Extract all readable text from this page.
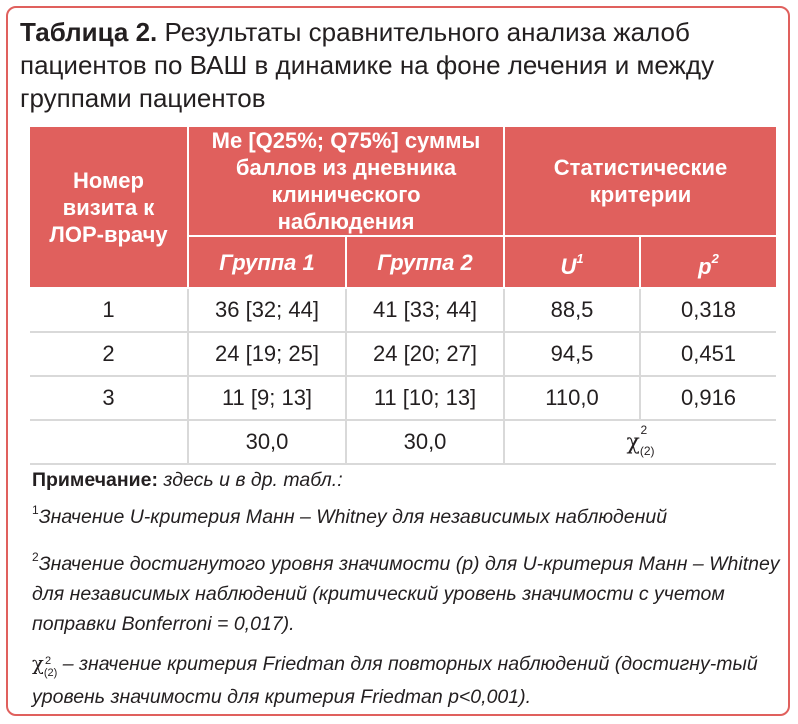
Таблица 2. Результаты сравнительного анализа жалоб пациентов по ВАШ в динамике на фоне лечения и между группами пациентов
Номер визита к ЛОР-врачу	Me [Q25%; Q75%] суммы баллов из дневника клинического наблюдения		Статистические критерии	
	Группа 1	Группа 2	$U^1$	$p^2$
1	36 [32; 44]	41 [33; 44]	88,5	0,318
2	24 [19; 25]	24 [20; 27]	94,5	0,451
3	11 [9; 13]	11 [10; 13]	110,0	0,916
	30,0	30,0	χ 2
$_{(2)}$

Примечание: здесь и в др. табл.:

$^1$Значение U-критерия Манн – Whitney для независимых наблюдений

$^2$Значение достигнутого уровня значимости (р) для U-критерия Манн – Whitney для независимых наблюдений (критический уровень значимости с учетом поправки Bonferroni = 0,017).

χ 2
$_{(2)}$ – значение критерия Friedman для повторных наблюдений (достигну-тый уровень значимости для критерия Friedman p<0,001).
